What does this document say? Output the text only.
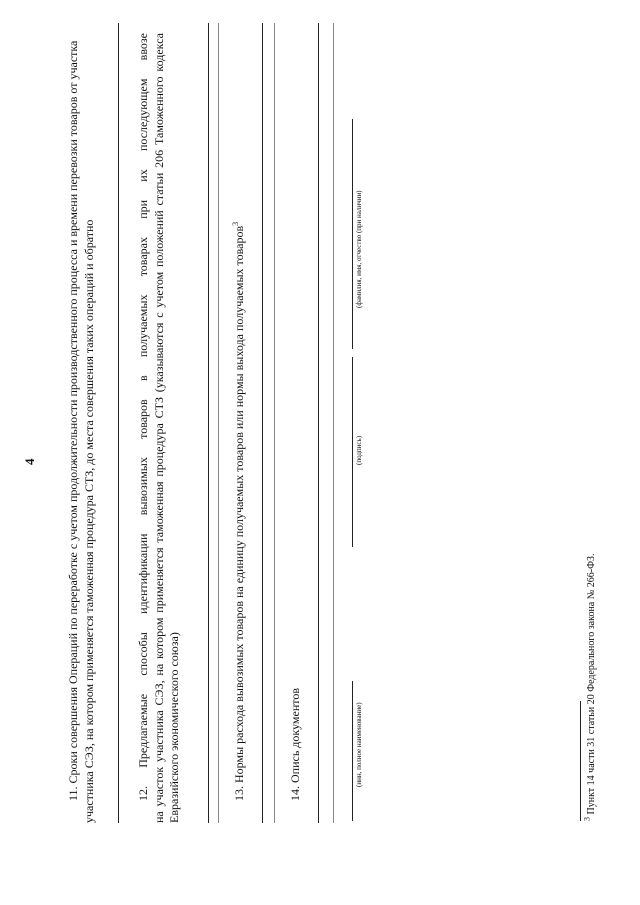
4 11. Сроки совершения Операций по переработке с учетом продолжительности производственного процесса и времени перевозки товаров от участка участника СЭЗ, на котором применяется таможенная процедура СТЗ, до места совершения таких операций и обратно	12. Предлагаемые способы идентификации вывозимых товаров в получаемых товарах при их последующем ввозе на участок участника СЭЗ, на котором применяется таможенная процедура СТЗ (указываются с учетом положений статьи 206 Таможенного кодекса Евразийского экономического союза)	13. Нормы расхода вывозимых товаров на единицу получаемых товаров или нормы выхода получаемых товаров$^3$
14. Опись документов	(инн, полное наименование)
(подпись)
(фамилия, имя, отчество (при наличии)
$^3$ Пункт 14 части 31 статьи 20 Федерального закона № 266-ФЗ.
